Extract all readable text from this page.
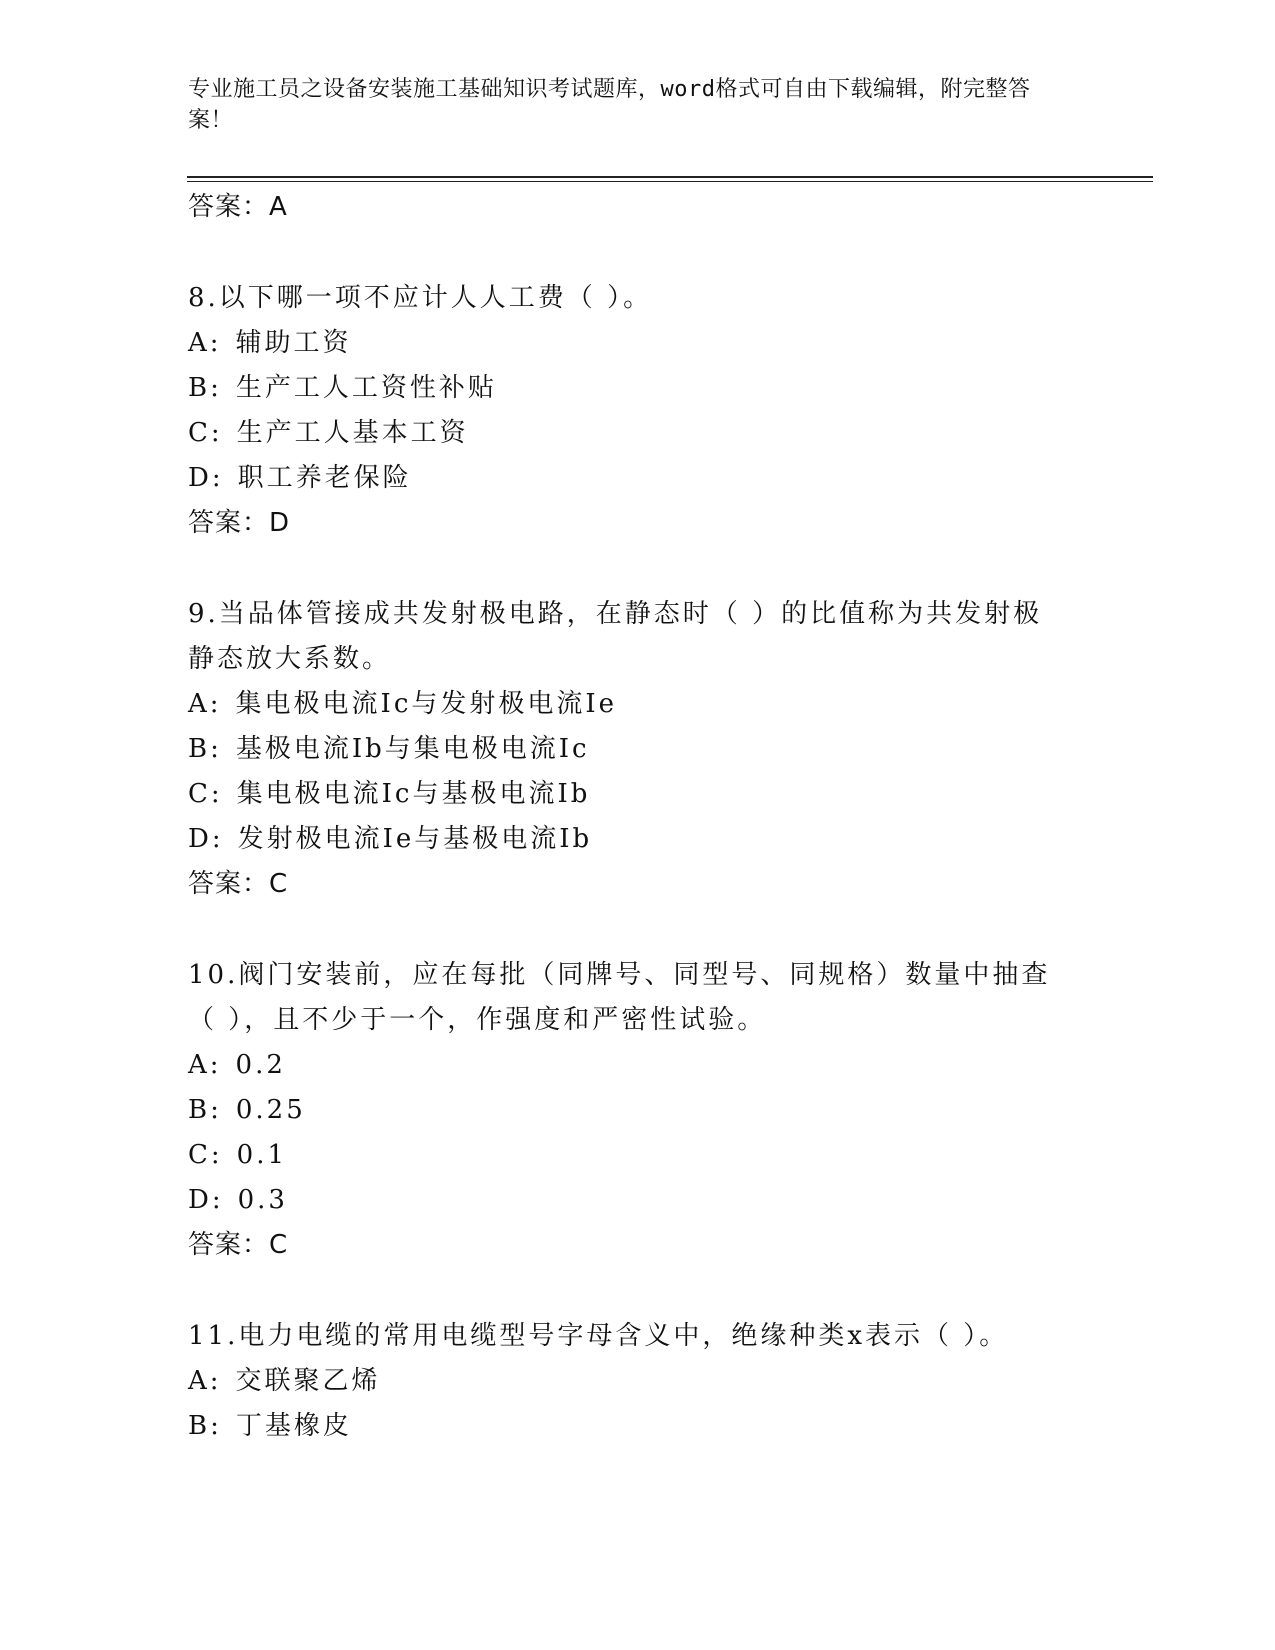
专业施工员之设备安装施工基础知识考试题库，word格式可自由下载编辑，附完整答案！
答案：A
8.以下哪一项不应计人人工费（ ）。
A: 辅助工资
B: 生产工人工资性补贴
C: 生产工人基本工资
D: 职工养老保险
答案：D
9.当品体管接成共发射极电路，在静态时（ ）的比值称为共发射极静态放大系数。
A: 集电极电流Ic与发射极电流Ie
B: 基极电流Ib与集电极电流Ic
C: 集电极电流Ic与基极电流Ib
D: 发射极电流Ie与基极电流Ib
答案：C
10.阀门安装前，应在每批（同牌号、同型号、同规格）数量中抽查（ ），且不少于一个，作强度和严密性试验。
A: 0.2
B: 0.25
C: 0.1
D: 0.3
答案：C
11.电力电缆的常用电缆型号字母含义中，绝缘种类x表示（ ）。
A: 交联聚乙烯
B: 丁基橡皮
